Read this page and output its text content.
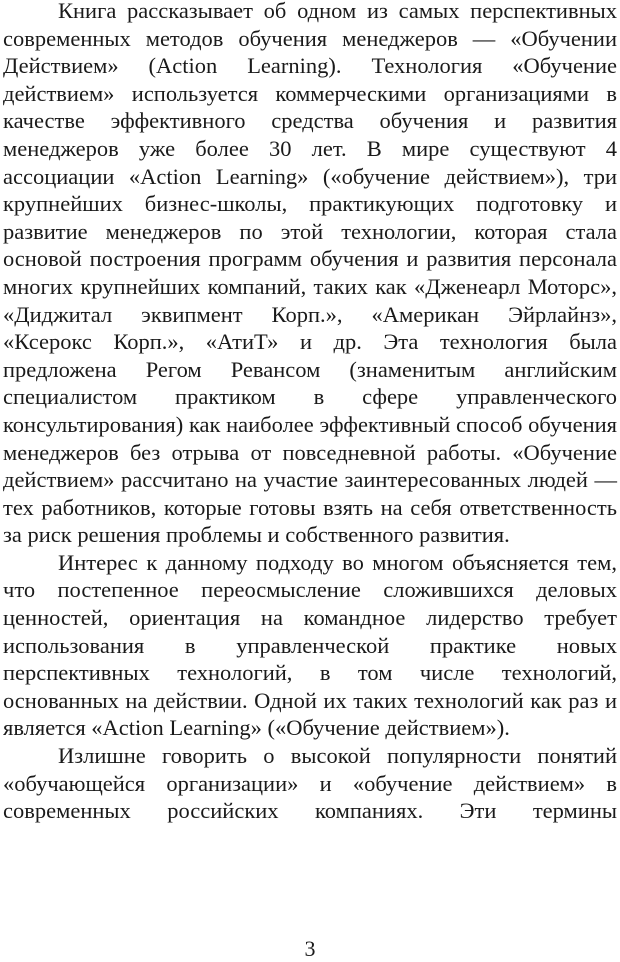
Книга рассказывает об одном из самых перспективных современных методов обучения менеджеров — «Обучении Действием» (Action Learning). Технология «Обучение действием» используется коммерческими организациями в качестве эффективного средства обучения и развития менеджеров уже более 30 лет. В мире существуют 4 ассоциации «Action Learning» («обучение действием»), три крупнейших бизнес-школы, практикующих подготовку и развитие менеджеров по этой технологии, которая стала основой построения программ обучения и развития персонала многих крупнейших компаний, таких как «Дженеарл Моторс», «Диджитал эквипмент Корп.», «Американ Эйрлайнз», «Ксерокс Корп.», «АтиТ» и др. Эта технология была предложена Регом Ревансом (знаменитым английским специалистом практиком в сфере управленческого консультирования) как наиболее эффективный способ обучения менеджеров без отрыва от повседневной работы. «Обучение действием» рассчитано на участие заинтересованных людей — тех работников, которые готовы взять на себя ответственность за риск решения проблемы и собственного развития.

Интерес к данному подходу во многом объясняется тем, что постепенное переосмысление сложившихся деловых ценностей, ориентация на командное лидерство требует использования в управленческой практике новых перспективных технологий, в том числе технологий, основанных на действии. Одной их таких технологий как раз и является «Action Learning» («Обучение действием»).

Излишне говорить о высокой популярности понятий «обучающейся организации» и «обучение действием» в современных российских компаниях. Эти термины

3
